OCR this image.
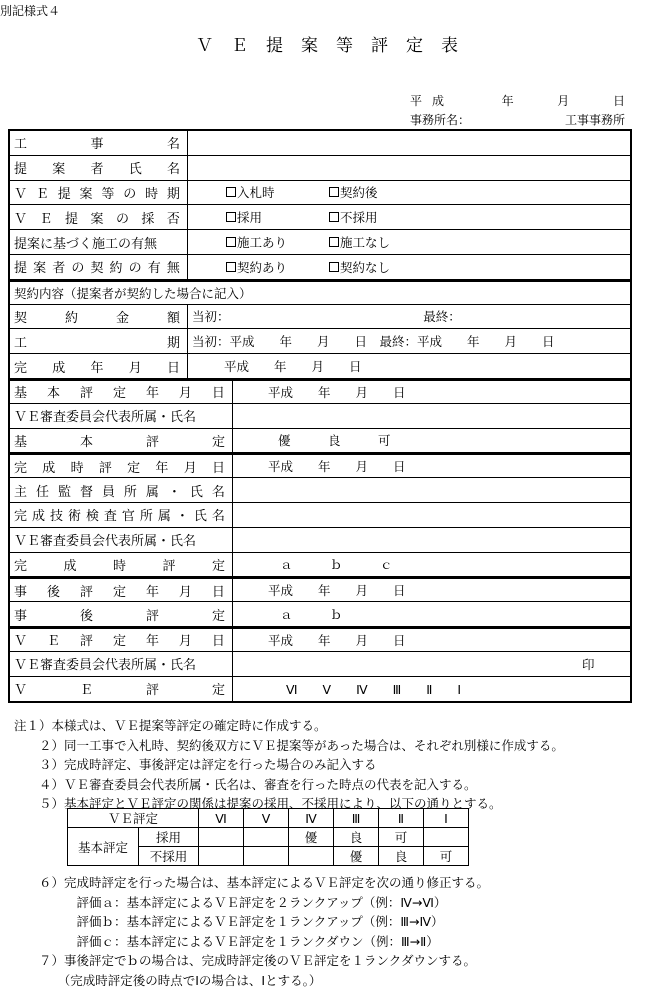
別記様式４
ＶＥ提案等評定表
平成	年	月	日
事務所名：	工事事務所
工	事	名
提 案 者 氏 名
Ｖ Ｅ 提 案 等 の 時 期	入札時	契約後
Ｖ Ｅ 提 案 の 採 否	採用	不採用
提案に基づく施工の有無	施工あり	施工なし
提 案 者 の 契 約 の 有 無	契約あり	契約なし
契約内容（提案者が契約した場合に記入）
契	約	金	額 当初：　　　　　　　　　　　　　　　　最終：
工	期 当初：平成　　年　　月　　日　最終：平成　　年　　月　　日
完 成 年 月 日	平成　　年　　月　　日
基 本 評 定 年 月 日	平成　　年　　月　　日
ＶＥ審査委員会代表所属・氏名
基	本	評	定	優　　　良　　　可
完 成 時 評 定 年 月 日	平成　　年　　月　　日
主 任 監 督 員 所 属 ・ 氏 名
完 成 技 術 検 査 官 所 属 ・ 氏 名
ＶＥ審査委員会代表所属・氏名
完	成	時	評	定	ａ　　　ｂ　　　ｃ
事 後 評 定 年 月 日	平成　　年　　月　　日
事	後	評	定	ａ　　　ｂ
Ｖ Ｅ 評 定 年 月 日	平成　　年　　月　　日
ＶＥ審査委員会代表所属・氏名	印
Ｖ	Ｅ	評	定	Ⅵ　　Ⅴ　　Ⅳ　　Ⅲ　　Ⅱ　　Ⅰ
注１）本様式は、ＶＥ提案等評定の確定時に作成する。
　　２）同一工事で入札時、契約後双方にＶＥ提案等があった場合は、それぞれ別様に作成する。
　　３）完成時評定、事後評定は評定を行った場合のみ記入する
　　４）ＶＥ審査委員会代表所属・氏名は、審査を行った時点の代表を記入する。
　　５）基本評定とＶＥ評定の関係は提案の採用、不採用により、以下の通りとする。
ＶＥ評定		Ⅵ	Ⅴ	Ⅳ	Ⅲ	Ⅱ	Ⅰ
基本評定	採用			優	良	可	
	不採用				優	良	可
　　６）完成時評定を行った場合は、基本評定によるＶＥ評定を次の通り修正する。
　　　　　評価ａ：基本評定によるＶＥ評定を２ランクアップ（例：Ⅳ→Ⅵ）
　　　　　評価ｂ：基本評定によるＶＥ評定を１ランクアップ（例：Ⅲ→Ⅳ）
　　　　　評価ｃ：基本評定によるＶＥ評定を１ランクダウン（例：Ⅲ→Ⅱ）
　　７）事後評定でｂの場合は、完成時評定後のＶＥ評定を１ランクダウンする。
　　　　（完成時評定後の時点でⅠの場合は、Ⅰとする。）
